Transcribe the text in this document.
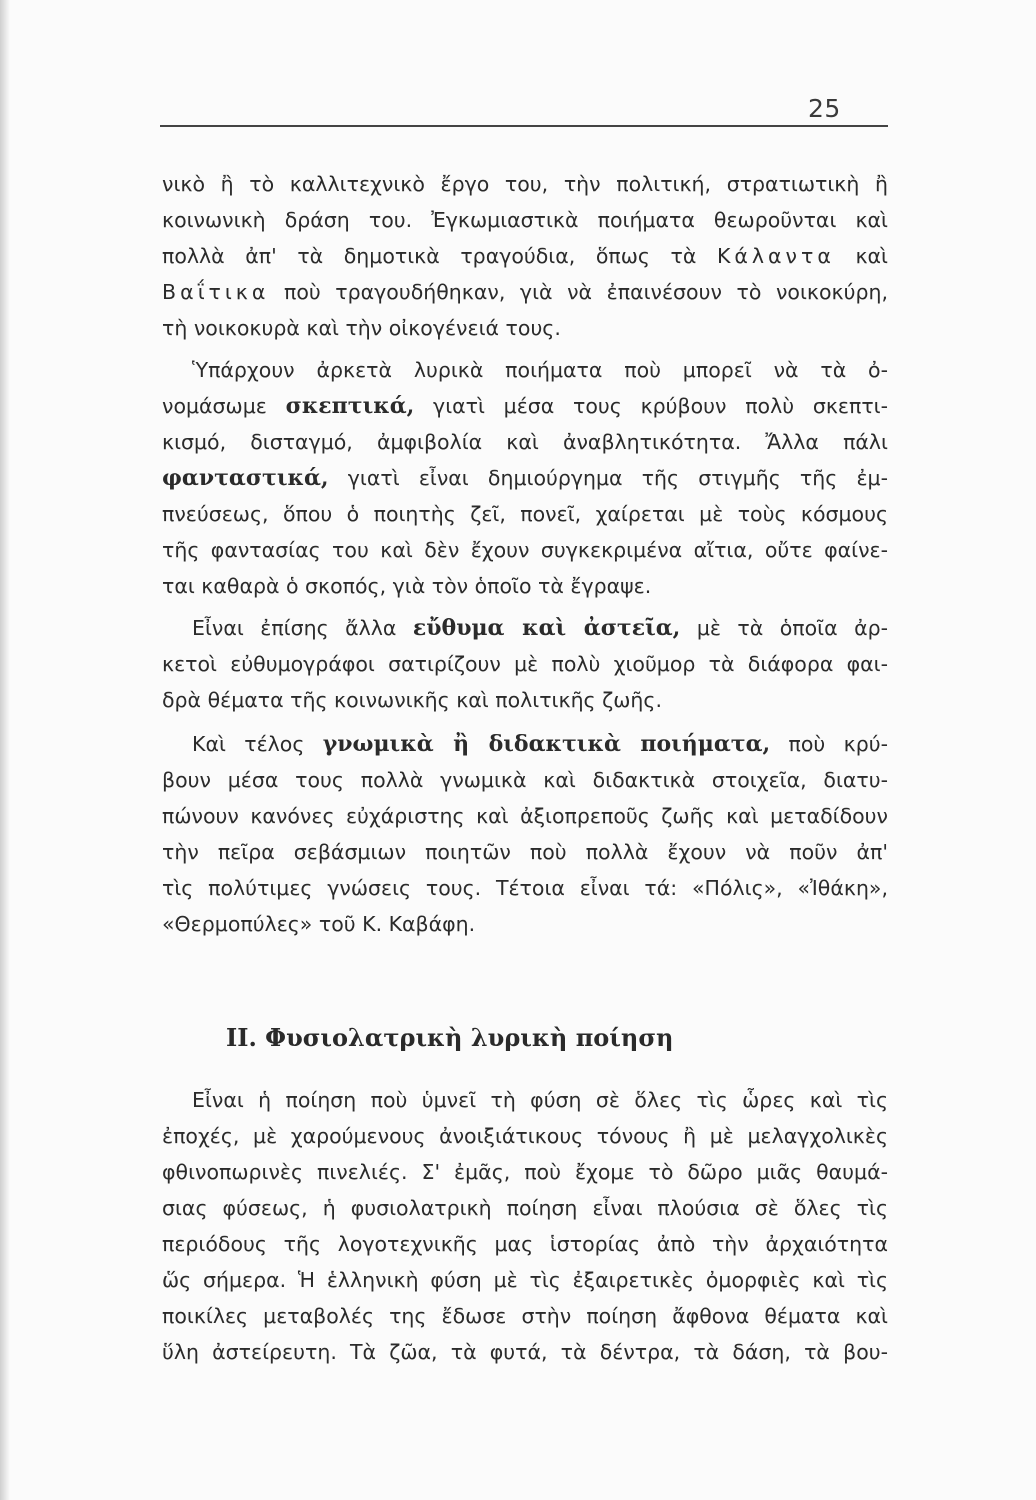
25
νικὸ ἢ τὸ καλλιτεχνικὸ ἔργο του, τὴν πολιτική, στρατιωτικὴ ἢ
κοινωνικὴ δράση του. Ἐγκωμιαστικὰ ποιήματα θεωροῦνται καὶ
πολλὰ ἀπ' τὰ δημοτικὰ τραγούδια, ὅπως τὰ Κάλαντα καὶ
Βαΐτικα ποὺ τραγουδήθηκαν, γιὰ νὰ ἐπαινέσουν τὸ νοικοκύρη,
τὴ νοικοκυρὰ καὶ τὴν οἰκογένειά τους.
Ὑπάρχουν ἀρκετὰ λυρικὰ ποιήματα ποὺ μπορεῖ νὰ τὰ ὀ-
νομάσωμε σκεπτικά, γιατὶ μέσα τους κρύβουν πολὺ σκεπτι-
κισμό, δισταγμό, ἀμφιβολία καὶ ἀναβλητικότητα. Ἄλλα πάλι
φανταστικά, γιατὶ εἶναι δημιούργημα τῆς στιγμῆς τῆς ἐμ-
πνεύσεως, ὅπου ὁ ποιητὴς ζεῖ, πονεῖ, χαίρεται μὲ τοὺς κόσμους
τῆς φαντασίας του καὶ δὲν ἔχουν συγκεκριμένα αἴτια, οὔτε φαίνε-
ται καθαρὰ ὁ σκοπός, γιὰ τὸν ὁποῖο τὰ ἔγραψε.
Εἶναι ἐπίσης ἄλλα εὔθυμα καὶ ἀστεῖα, μὲ τὰ ὁποῖα ἀρ-
κετοὶ εὐθυμογράφοι σατιρίζουν μὲ πολὺ χιοῦμορ τὰ διάφορα φαι-
δρὰ θέματα τῆς κοινωνικῆς καὶ πολιτικῆς ζωῆς.
Καὶ τέλος γνωμικὰ ἢ διδακτικὰ ποιήματα, ποὺ κρύ-
βουν μέσα τους πολλὰ γνωμικὰ καὶ διδακτικὰ στοιχεῖα, διατυ-
πώνουν κανόνες εὐχάριστης καὶ ἀξιοπρεποῦς ζωῆς καὶ μεταδίδουν
τὴν πεῖρα σεβάσμιων ποιητῶν ποὺ πολλὰ ἔχουν νὰ ποῦν ἀπ'
τὶς πολύτιμες γνώσεις τους. Τέτοια εἶναι τά: «Πόλις», «Ἰθάκη»,
«Θερμοπύλες» τοῦ Κ. Καβάφη.
Εἶναι ἡ ποίηση ποὺ ὑμνεῖ τὴ φύση σὲ ὅλες τὶς ὧρες καὶ τὶς
ἐποχές, μὲ χαρούμενους ἀνοιξιάτικους τόνους ἢ μὲ μελαγχολικὲς
φθινοπωρινὲς πινελιές. Σ' ἐμᾶς, ποὺ ἔχομε τὸ δῶρο μιᾶς θαυμά-
σιας φύσεως, ἡ φυσιολατρικὴ ποίηση εἶναι πλούσια σὲ ὅλες τὶς
περιόδους τῆς λογοτεχνικῆς μας ἱστορίας ἀπὸ τὴν ἀρχαιότητα
ὥς σήμερα. Ἡ ἑλληνικὴ φύση μὲ τὶς ἐξαιρετικὲς ὀμορφιὲς καὶ τὶς
ποικίλες μεταβολές της ἔδωσε στὴν ποίηση ἄφθονα θέματα καὶ
ὕλη ἀστείρευτη. Τὰ ζῶα, τὰ φυτά, τὰ δέντρα, τὰ δάση, τὰ βου-
II. Φυσιολατρικὴ λυρικὴ ποίηση
